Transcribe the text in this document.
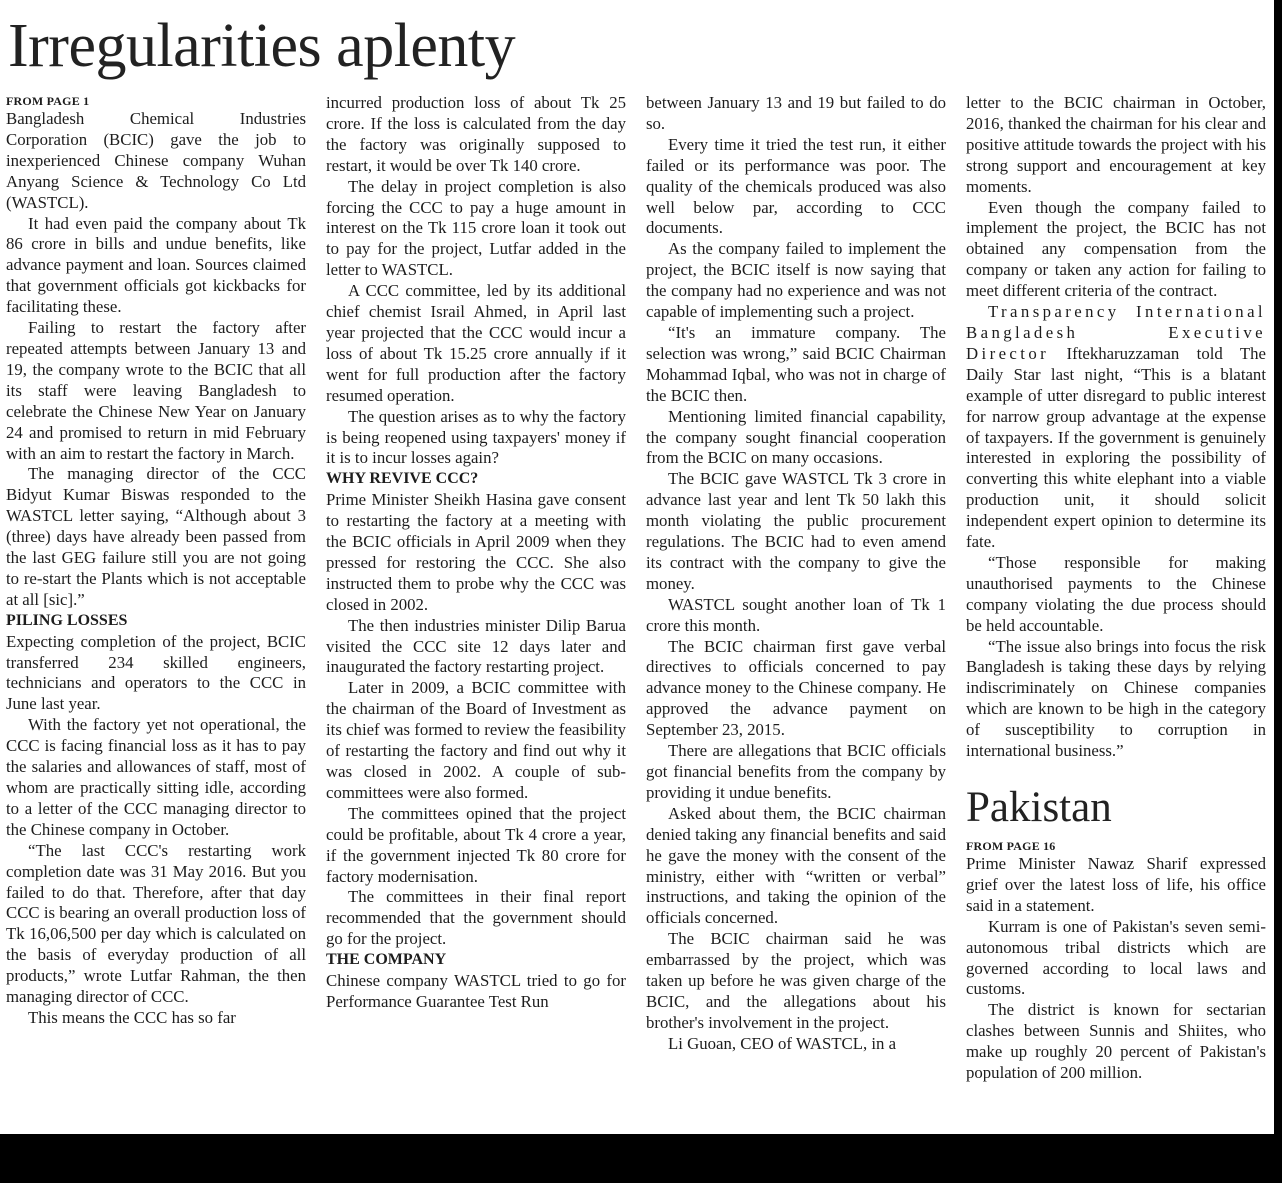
Irregularities aplenty

FROM PAGE 1

Bangladesh Chemical Industries Corporation (BCIC) gave the job to inexperienced Chinese company Wuhan Anyang Science & Technology Co Ltd (WASTCL).

It had even paid the company about Tk 86 crore in bills and undue benefits, like advance payment and loan. Sources claimed that government officials got kickbacks for facilitating these.

Failing to restart the factory after repeated attempts between January 13 and 19, the company wrote to the BCIC that all its staff were leaving Bangladesh to celebrate the Chinese New Year on January 24 and promised to return in mid February with an aim to restart the factory in March.

The managing director of the CCC Bidyut Kumar Biswas responded to the WASTCL letter saying, “Although about 3 (three) days have already been passed from the last GEG failure still you are not going to re-start the Plants which is not acceptable at all [sic].”

PILING LOSSES

Expecting completion of the project, BCIC transferred 234 skilled engineers, technicians and operators to the CCC in June last year.

With the factory yet not operational, the CCC is facing financial loss as it has to pay the salaries and allowances of staff, most of whom are practically sitting idle, according to a letter of the CCC managing director to the Chinese company in October.

“The last CCC's restarting work completion date was 31 May 2016. But you failed to do that. Therefore, after that day CCC is bearing an overall production loss of Tk 16,06,500 per day which is calculated on the basis of everyday production of all products,” wrote Lutfar Rahman, the then managing director of CCC.

This means the CCC has so far

incurred production loss of about Tk 25 crore. If the loss is calculated from the day the factory was originally supposed to restart, it would be over Tk 140 crore.

The delay in project completion is also forcing the CCC to pay a huge amount in interest on the Tk 115 crore loan it took out to pay for the project, Lutfar added in the letter to WASTCL.

A CCC committee, led by its additional chief chemist Israil Ahmed, in April last year projected that the CCC would incur a loss of about Tk 15.25 crore annually if it went for full production after the factory resumed operation.

The question arises as to why the factory is being reopened using taxpayers' money if it is to incur losses again?

WHY REVIVE CCC?

Prime Minister Sheikh Hasina gave consent to restarting the factory at a meeting with the BCIC officials in April 2009 when they pressed for restoring the CCC. She also instructed them to probe why the CCC was closed in 2002.

The then industries minister Dilip Barua visited the CCC site 12 days later and inaugurated the factory restarting project.

Later in 2009, a BCIC committee with the chairman of the Board of Investment as its chief was formed to review the feasibility of restarting the factory and find out why it was closed in 2002. A couple of sub-committees were also formed.

The committees opined that the project could be profitable, about Tk 4 crore a year, if the government injected Tk 80 crore for factory modernisation.

The committees in their final report recommended that the government should go for the project.

THE COMPANY

Chinese company WASTCL tried to go for Performance Guarantee Test Run

between January 13 and 19 but failed to do so.

Every time it tried the test run, it either failed or its performance was poor. The quality of the chemicals produced was also well below par, according to CCC documents.

As the company failed to implement the project, the BCIC itself is now saying that the company had no experience and was not capable of implementing such a project.

“It's an immature company. The selection was wrong,” said BCIC Chairman Mohammad Iqbal, who was not in charge of the BCIC then.

Mentioning limited financial capability, the company sought financial cooperation from the BCIC on many occasions.

The BCIC gave WASTCL Tk 3 crore in advance last year and lent Tk 50 lakh this month violating the public procurement regulations. The BCIC had to even amend its contract with the company to give the money.

WASTCL sought another loan of Tk 1 crore this month.

The BCIC chairman first gave verbal directives to officials concerned to pay advance money to the Chinese company. He approved the advance payment on September 23, 2015.

There are allegations that BCIC officials got financial benefits from the company by providing it undue benefits.

Asked about them, the BCIC chairman denied taking any financial benefits and said he gave the money with the consent of the ministry, either with “written or verbal” instructions, and taking the opinion of the officials concerned.

The BCIC chairman said he was embarrassed by the project, which was taken up before he was given charge of the BCIC, and the allegations about his brother's involvement in the project.

Li Guoan, CEO of WASTCL, in a

letter to the BCIC chairman in October, 2016, thanked the chairman for his clear and positive attitude towards the project with his strong support and encouragement at key moments.

Even though the company failed to implement the project, the BCIC has not obtained any compensation from the company or taken any action for failing to meet different criteria of the contract.

Transparency International Bangladesh Executive Director Iftekharuzzaman told The Daily Star last night, “This is a blatant example of utter disregard to public interest for narrow group advantage at the expense of taxpayers. If the government is genuinely interested in exploring the possibility of converting this white elephant into a viable production unit, it should solicit independent expert opinion to determine its fate.

“Those responsible for making unauthorised payments to the Chinese company violating the due process should be held accountable.

“The issue also brings into focus the risk Bangladesh is taking these days by relying indiscriminately on Chinese companies which are known to be high in the category of susceptibility to corruption in international business.”

Pakistan

FROM PAGE 16

Prime Minister Nawaz Sharif expressed grief over the latest loss of life, his office said in a statement.

Kurram is one of Pakistan's seven semi-autonomous tribal districts which are governed according to local laws and customs.

The district is known for sectarian clashes between Sunnis and Shiites, who make up roughly 20 percent of Pakistan's population of 200 million.
